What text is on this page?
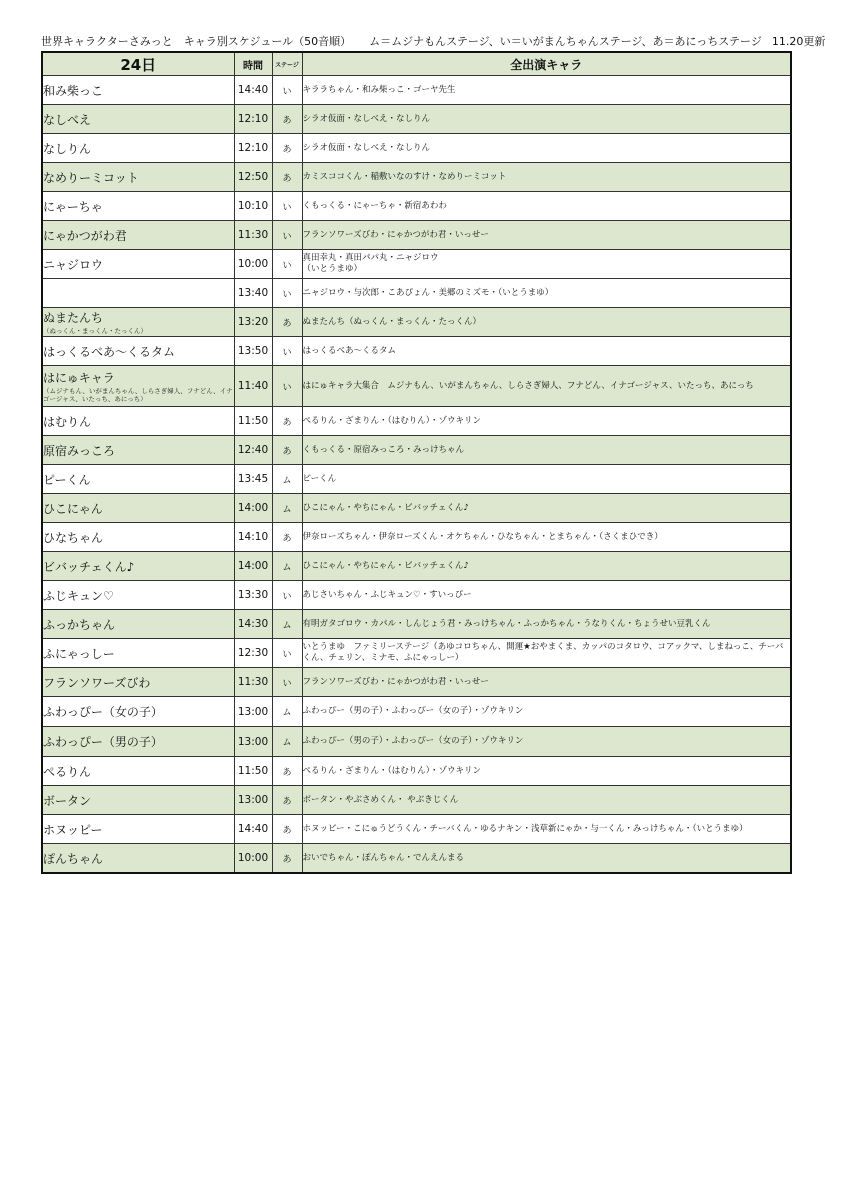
世界キャラクターさみっと　キャラ別スケジュール（50音順） ム＝ムジナもんステージ、い＝いがまんちゃんステージ、あ＝あにっちステージ 11.20更新
24日	時間	ステージ	全出演キャラ
和み柴っこ	14:40	い	キララちゃん・和み柴っこ・ゴーヤ先生
なしべえ	12:10	あ	シラオ仮面・なしべえ・なしりん
なしりん	12:10	あ	シラオ仮面・なしべえ・なしりん
なめりーミコット	12:50	あ	カミスココくん・稲敷いなのすけ・なめりーミコット
にゃーちゃ	10:10	い	くもっくる・にゃーちゃ・新宿あわわ
にゃかつがわ君	11:30	い	フランソワーズびわ・にゃかつがわ君・いっせー
ニャジロウ	10:00	い	真田幸丸・真田パパ丸・ニャジロウ
（いとうまゆ）
	13:40	い	ニャジロウ・与次郎・こあぴょん・美郷のミズモ・（いとうまゆ）
ぬまたんち
（ぬっくん・まっくん・たっくん）	13:20	あ	ぬまたんち（ぬっくん・まっくん・たっくん）
はっくるべあ～くるタム	13:50	い	はっくるべあ～くるタム
はにゅキャラ
（ムジナもん、いがまんちゃん、しらさぎ婦人、フナどん、イナゴージャス、いたっち、あにっち）	11:40	い	はにゅキャラ大集合　ムジナもん、いがまんちゃん、しらさぎ婦人、フナどん、イナゴージャス、いたっち、あにっち
はむりん	11:50	あ	ぺるりん・ざまりん・（はむりん）・ゾウキリン
原宿みっころ	12:40	あ	くもっくる・原宿みっころ・みっけちゃん
ピーくん	13:45	ム	ピーくん
ひこにゃん	14:00	ム	ひこにゃん・やちにゃん・ビバッチェくん♪
ひなちゃん	14:10	あ	伊奈ローズちゃん・伊奈ローズくん・オケちゃん・ひなちゃん・とまちゃん・（さくまひでき）
ビバッチェくん♪	14:00	ム	ひこにゃん・やちにゃん・ビバッチェくん♪
ふじキュン♡	13:30	い	あじさいちゃん・ふじキュン♡・すいっぴー
ふっかちゃん	14:30	ム	有明ガタゴロウ・カパル・しんじょう君・みっけちゃん・ふっかちゃん・うなりくん・ちょうせい豆乳くん
ふにゃっしー	12:30	い	いとうまゆ　ファミリーステージ（あゆコロちゃん、開運★おやまくま、カッパのコタロウ、コアックマ、しまねっこ、チーバくん、チェリン、ミナモ、ふにゃっしー）
フランソワーズびわ	11:30	い	フランソワーズびわ・にゃかつがわ君・いっせー
ふわっぴー（女の子）	13:00	ム	ふわっぴー（男の子）・ふわっぴー（女の子）・ゾウキリン
ふわっぴー（男の子）	13:00	ム	ふわっぴー（男の子）・ふわっぴー（女の子）・ゾウキリン
ぺるりん	11:50	あ	ぺるりん・ざまりん・（はむりん）・ゾウキリン
ボータン	13:00	あ	ボータン・やぶさめくん・ やぶきじくん
ホヌッピー	14:40	あ	ホヌッピー・こにゅうどうくん・チーバくん・ゆるナキン・浅草新にゃか・与一くん・みっけちゃん・（いとうまゆ）
ぽんちゃん	10:00	あ	おいでちゃん・ぽんちゃん・でんえんまる
